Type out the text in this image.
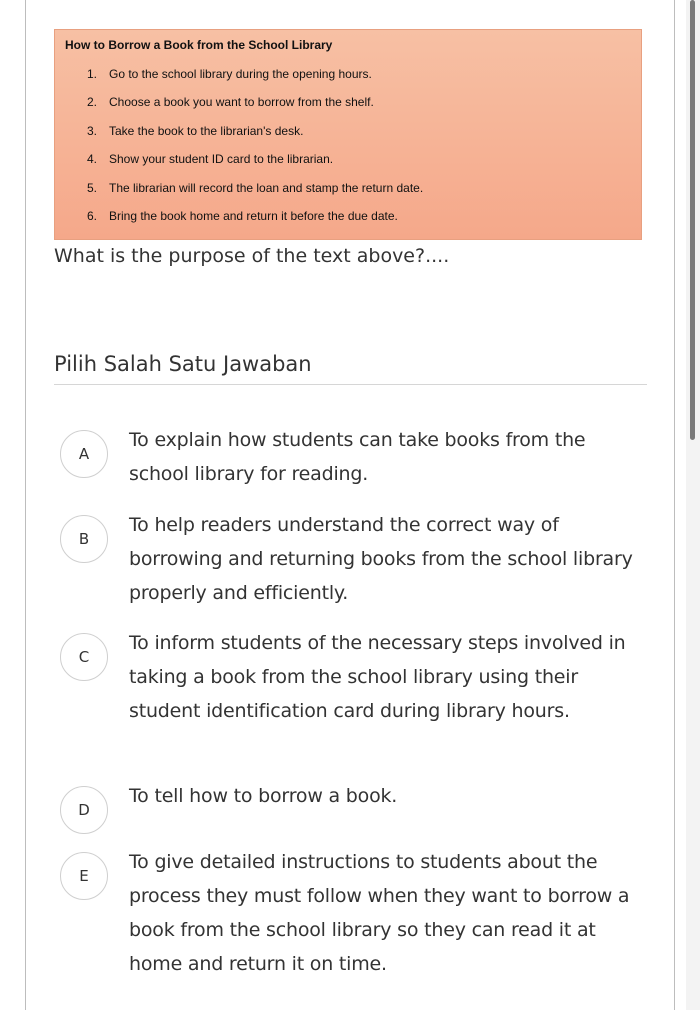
How to Borrow a Book from the School Library
1. Go to the school library during the opening hours.
2. Choose a book you want to borrow from the shelf.
3. Take the book to the librarian's desk.
4. Show your student ID card to the librarian.
5. The librarian will record the loan and stamp the return date.
6. Bring the book home and return it before the due date.
What is the purpose of the text above?....
Pilih Salah Satu Jawaban
A
To explain how students can take books from the school library for reading.
B
To help readers understand the correct way of borrowing and returning books from the school library properly and efficiently.
C
To inform students of the necessary steps involved in taking a book from the school library using their student identification card during library hours.
D
To tell how to borrow a book.
E
To give detailed instructions to students about the process they must follow when they want to borrow a book from the school library so they can read it at home and return it on time.
